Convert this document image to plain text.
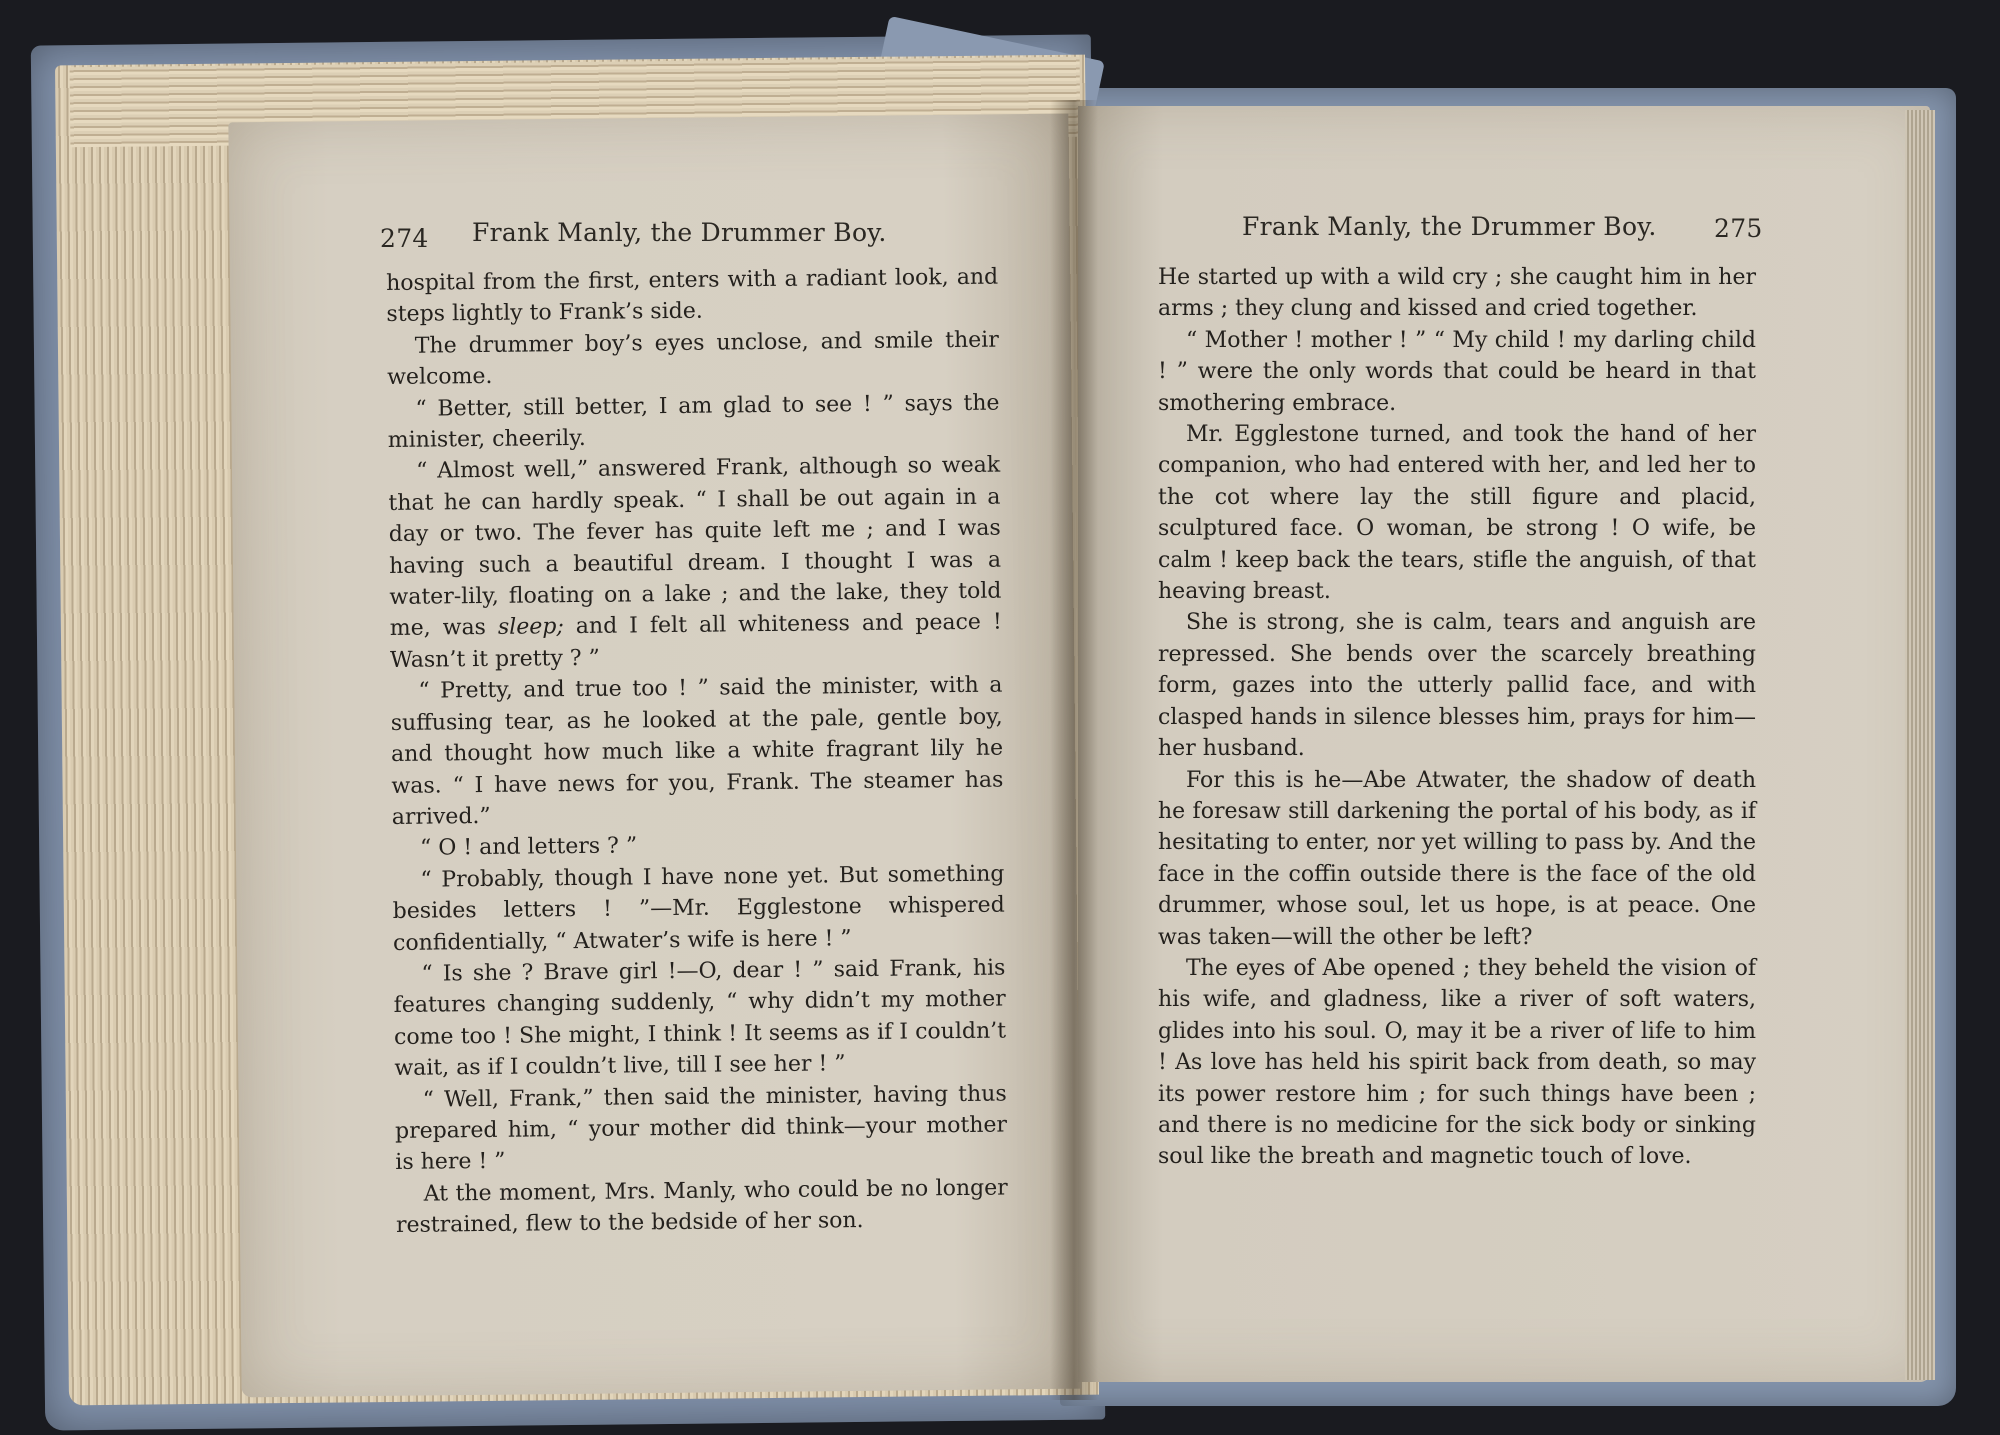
274 Frank Manly, the Drummer Boy.

hospital from the first, enters with a radiant look, and steps lightly to Frank’s side.

The drummer boy’s eyes unclose, and smile their welcome.

“ Better, still better, I am glad to see ! ” says the minister, cheerily.

“ Almost well,” answered Frank, although so weak that he can hardly speak. “ I shall be out again in a day or two. The fever has quite left me ; and I was having such a beautiful dream. I thought I was a water-lily, floating on a lake ; and the lake, they told me, was sleep; and I felt all whiteness and peace ! Wasn’t it pretty ? ”

“ Pretty, and true too ! ” said the minister, with a suffusing tear, as he looked at the pale, gentle boy, and thought how much like a white fragrant lily he was. “ I have news for you, Frank. The steamer has arrived.”

“ O ! and letters ? ”

“ Probably, though I have none yet. But something besides letters ! ”—Mr. Egglestone whispered confidentially, “ Atwater’s wife is here ! ”

“ Is she ? Brave girl !—O, dear ! ” said Frank, his features changing suddenly, “ why didn’t my mother come too ! She might, I think ! It seems as if I couldn’t wait, as if I couldn’t live, till I see her ! ”

“ Well, Frank,” then said the minister, having thus prepared him, “ your mother did think—your mother is here ! ”

At the moment, Mrs. Manly, who could be no longer restrained, flew to the bedside of her son.

Frank Manly, the Drummer Boy. 275

He started up with a wild cry ; she caught him in her arms ; they clung and kissed and cried together.

“ Mother ! mother ! ” “ My child ! my darling child ! ” were the only words that could be heard in that smothering embrace.

Mr. Egglestone turned, and took the hand of her companion, who had entered with her, and led her to the cot where lay the still figure and placid, sculptured face. O woman, be strong ! O wife, be calm ! keep back the tears, stifle the anguish, of that heaving breast.

She is strong, she is calm, tears and anguish are repressed. She bends over the scarcely breathing form, gazes into the utterly pallid face, and with clasped hands in silence blesses him, prays for him—her husband.

For this is he—Abe Atwater, the shadow of death he foresaw still darkening the portal of his body, as if hesitating to enter, nor yet willing to pass by. And the face in the coffin outside there is the face of the old drummer, whose soul, let us hope, is at peace. One was taken—will the other be left?

The eyes of Abe opened ; they beheld the vision of his wife, and gladness, like a river of soft waters, glides into his soul. O, may it be a river of life to him ! As love has held his spirit back from death, so may its power restore him ; for such things have been ; and there is no medicine for the sick body or sinking soul like the breath and magnetic touch of love.
